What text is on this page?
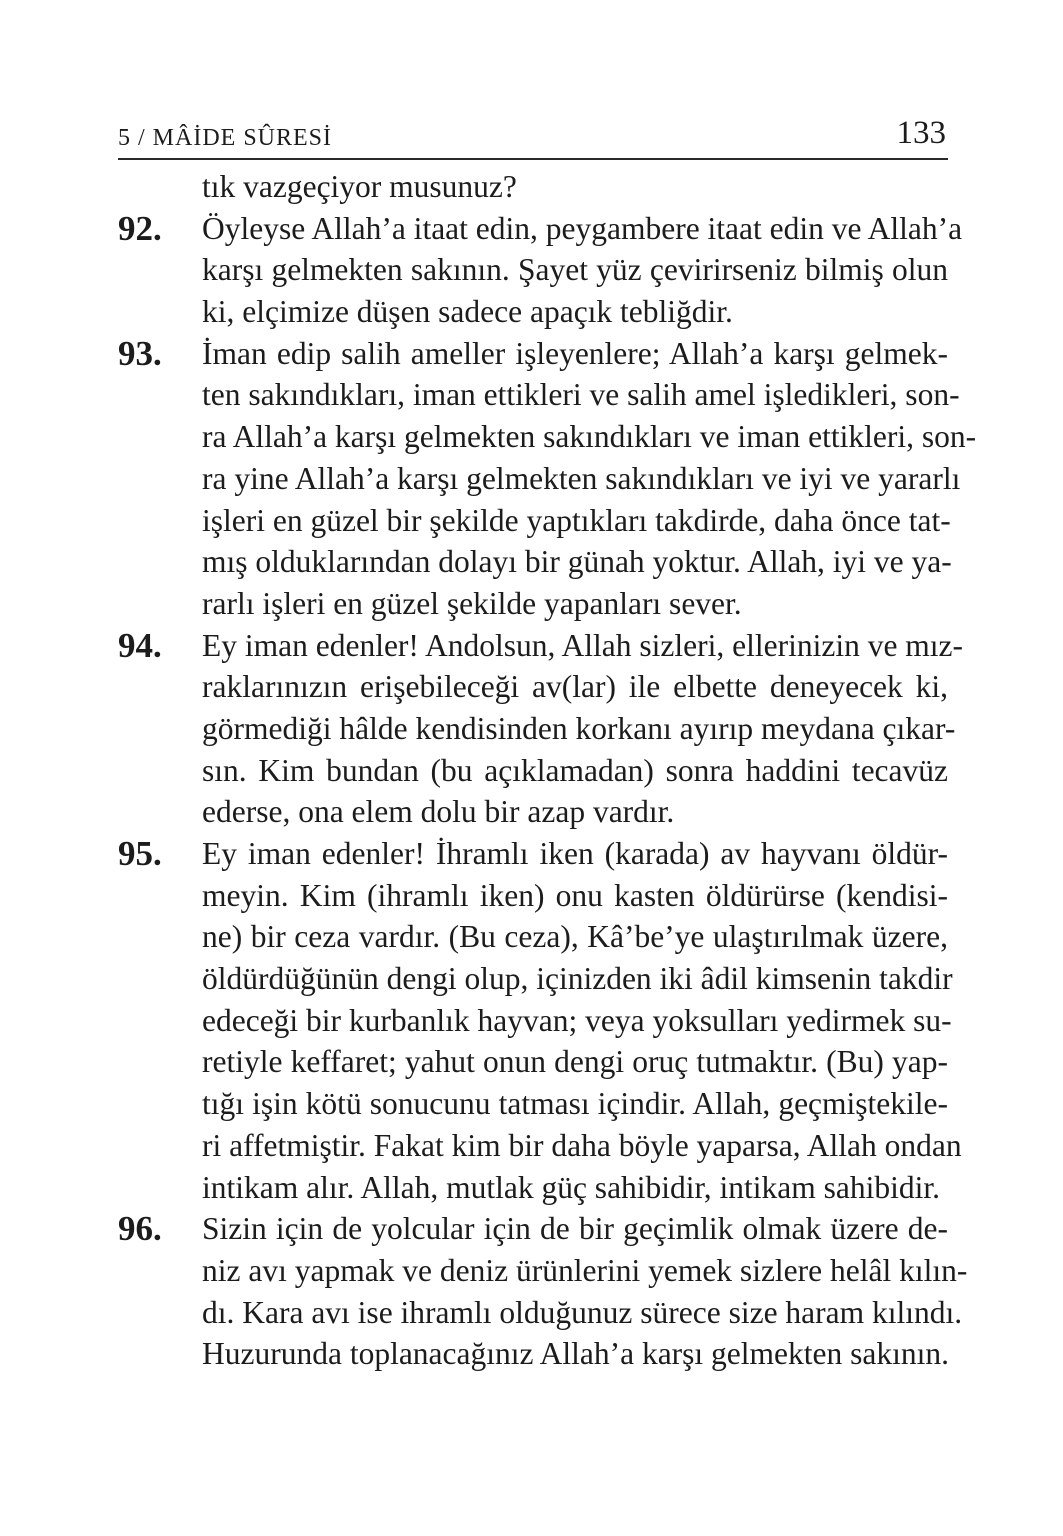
5 / MÂİDE SÛRESİ	133
tık vazgeçiyor musunuz?
92. Öyleyse Allah’a itaat edin, peygambere itaat edin ve Allah’a
karşı gelmekten sakının. Şayet yüz çevirirseniz bilmiş olun
ki, elçimize düşen sadece apaçık tebliğdir.
93. İman edip salih ameller işleyenlere; Allah’a karşı gelmek-
ten sakındıkları, iman ettikleri ve salih amel işledikleri, son-
ra Allah’a karşı gelmekten sakındıkları ve iman ettikleri, son-
ra yine Allah’a karşı gelmekten sakındıkları ve iyi ve yararlı
işleri en güzel bir şekilde yaptıkları takdirde, daha önce tat-
mış olduklarından dolayı bir günah yoktur. Allah, iyi ve ya-
rarlı işleri en güzel şekilde yapanları sever.
94. Ey iman edenler! Andolsun, Allah sizleri, ellerinizin ve mız-
raklarınızın erişebileceği av(lar) ile elbette deneyecek ki,
görmediği hâlde kendisinden korkanı ayırıp meydana çıkar-
sın. Kim bundan (bu açıklamadan) sonra haddini tecavüz
ederse, ona elem dolu bir azap vardır.
95. Ey iman edenler! İhramlı iken (karada) av hayvanı öldür-
meyin. Kim (ihramlı iken) onu kasten öldürürse (kendisi-
ne) bir ceza vardır. (Bu ceza), Kâ’be’ye ulaştırılmak üzere,
öldürdüğünün dengi olup, içinizden iki âdil kimsenin takdir
edeceği bir kurbanlık hayvan; veya yoksulları yedirmek su-
retiyle keffaret; yahut onun dengi oruç tutmaktır. (Bu) yap-
tığı işin kötü sonucunu tatması içindir. Allah, geçmiştekile-
ri affetmiştir. Fakat kim bir daha böyle yaparsa, Allah ondan
intikam alır. Allah, mutlak güç sahibidir, intikam sahibidir.
96. Sizin için de yolcular için de bir geçimlik olmak üzere de-
niz avı yapmak ve deniz ürünlerini yemek sizlere helâl kılın-
dı. Kara avı ise ihramlı olduğunuz sürece size haram kılındı.
Huzurunda toplanacağınız Allah’a karşı gelmekten sakının.
